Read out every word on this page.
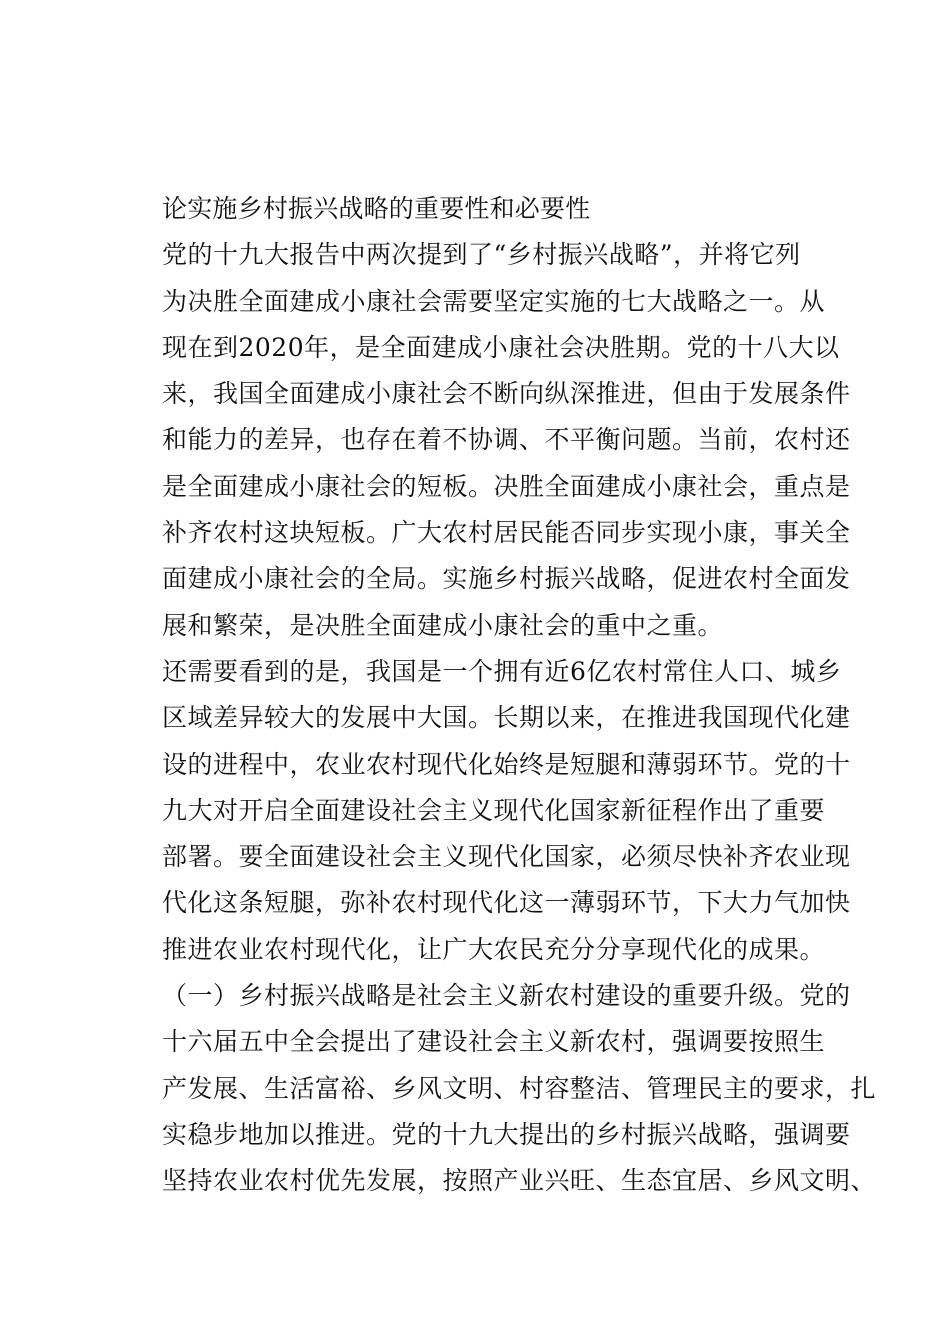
论实施乡村振兴战略的重要性和必要性
党的十九大报告中两次提到了“乡村振兴战略”，并将它列
为决胜全面建成小康社会需要坚定实施的七大战略之一。从
现在到2020年，是全面建成小康社会决胜期。党的十八大以
来，我国全面建成小康社会不断向纵深推进，但由于发展条件
和能力的差异，也存在着不协调、不平衡问题。当前，农村还
是全面建成小康社会的短板。决胜全面建成小康社会，重点是
补齐农村这块短板。广大农村居民能否同步实现小康，事关全
面建成小康社会的全局。实施乡村振兴战略，促进农村全面发
展和繁荣，是决胜全面建成小康社会的重中之重。
还需要看到的是，我国是一个拥有近6亿农村常住人口、城乡
区域差异较大的发展中大国。长期以来，在推进我国现代化建
设的进程中，农业农村现代化始终是短腿和薄弱环节。党的十
九大对开启全面建设社会主义现代化国家新征程作出了重要
部署。要全面建设社会主义现代化国家，必须尽快补齐农业现
代化这条短腿，弥补农村现代化这一薄弱环节，下大力气加快
推进农业农村现代化，让广大农民充分分享现代化的成果。
（一）乡村振兴战略是社会主义新农村建设的重要升级。党的
十六届五中全会提出了建设社会主义新农村，强调要按照生
产发展、生活富裕、乡风文明、村容整洁、管理民主的要求，扎
实稳步地加以推进。党的十九大提出的乡村振兴战略，强调要
坚持农业农村优先发展，按照产业兴旺、生态宜居、乡风文明、
